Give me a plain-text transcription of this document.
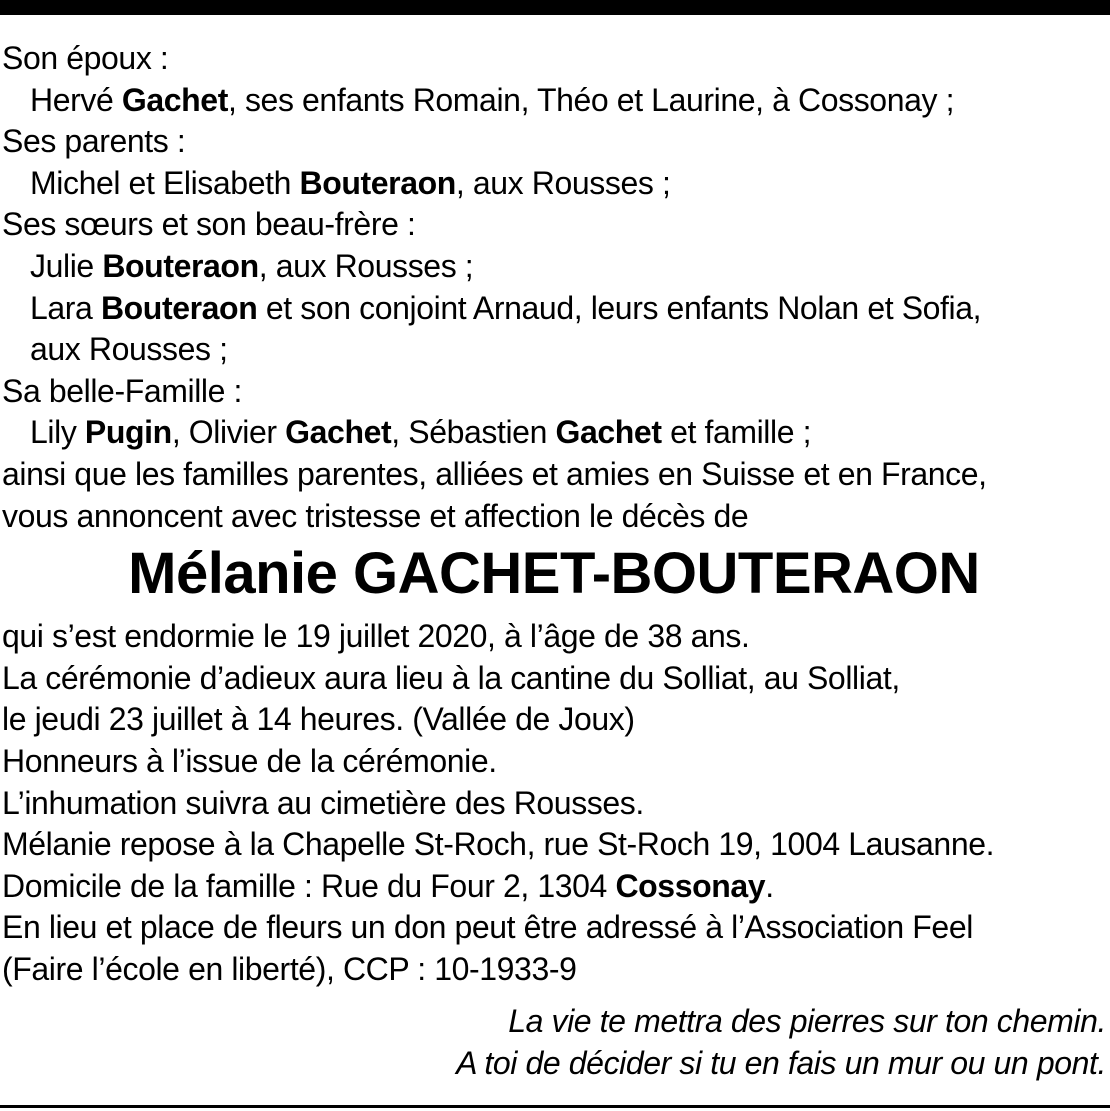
Son époux :
Hervé Gachet, ses enfants Romain, Théo et Laurine, à Cossonay ;
Ses parents :
Michel et Elisabeth Bouteraon, aux Rousses ;
Ses sœurs et son beau-frère :
Julie Bouteraon, aux Rousses ;
Lara Bouteraon et son conjoint Arnaud, leurs enfants Nolan et Sofia,
aux Rousses ;
Sa belle-Famille :
Lily Pugin, Olivier Gachet, Sébastien Gachet et famille ;
ainsi que les familles parentes, alliées et amies en Suisse et en France,
vous annoncent avec tristesse et affection le décès de
Mélanie GACHET-BOUTERAON
qui s’est endormie le 19 juillet 2020, à l’âge de 38 ans.
La cérémonie d’adieux aura lieu à la cantine du Solliat, au Solliat,
le jeudi 23 juillet à 14 heures. (Vallée de Joux)
Honneurs à l’issue de la cérémonie.
L’inhumation suivra au cimetière des Rousses.
Mélanie repose à la Chapelle St-Roch, rue St-Roch 19, 1004 Lausanne.
Domicile de la famille : Rue du Four 2, 1304 Cossonay.
En lieu et place de fleurs un don peut être adressé à l’Association Feel
(Faire l’école en liberté), CCP : 10-1933-9
La vie te mettra des pierres sur ton chemin.
A toi de décider si tu en fais un mur ou un pont.
